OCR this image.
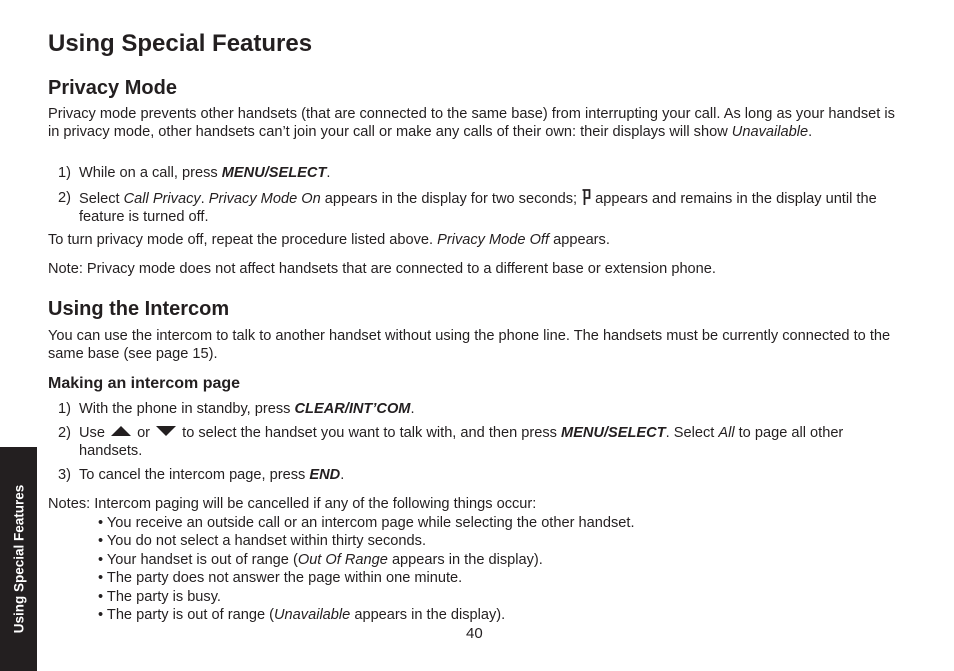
Using Special Features
Privacy Mode

Privacy mode prevents other handsets (that are connected to the same base) from interrupting your call. As long as your handset is in privacy mode, other handsets can’t join your call or make any calls of their own: their displays will show Unavailable.

1) While on a call, press MENU/SELECT.
2) Select Call Privacy. Privacy Mode On appears in the display for two seconds;  appears and remains in the display until the feature is turned off.

To turn privacy mode off, repeat the procedure listed above. Privacy Mode Off appears.

Note: Privacy mode does not affect handsets that are connected to a different base or extension phone.

Using the Intercom

You can use the intercom to talk to another handset without using the phone line. The handsets must be currently connected to the same base (see page 15).

Making an intercom page
1) With the phone in standby, press CLEAR/INT’COM.
2) Use  or  to select the handset you want to talk with, and then press MENU/SELECT. Select All to page all other handsets.
3) To cancel the intercom page, press END.

Notes: Intercom paging will be cancelled if any of the following things occur:

• You receive an outside call or an intercom page while selecting the other handset.
• You do not select a handset within thirty seconds.
• Your handset is out of range (Out Of Range appears in the display).
• The party does not answer the page within one minute.
• The party is busy.
• The party is out of range (Unavailable appears in the display).
Using Special Features
40
